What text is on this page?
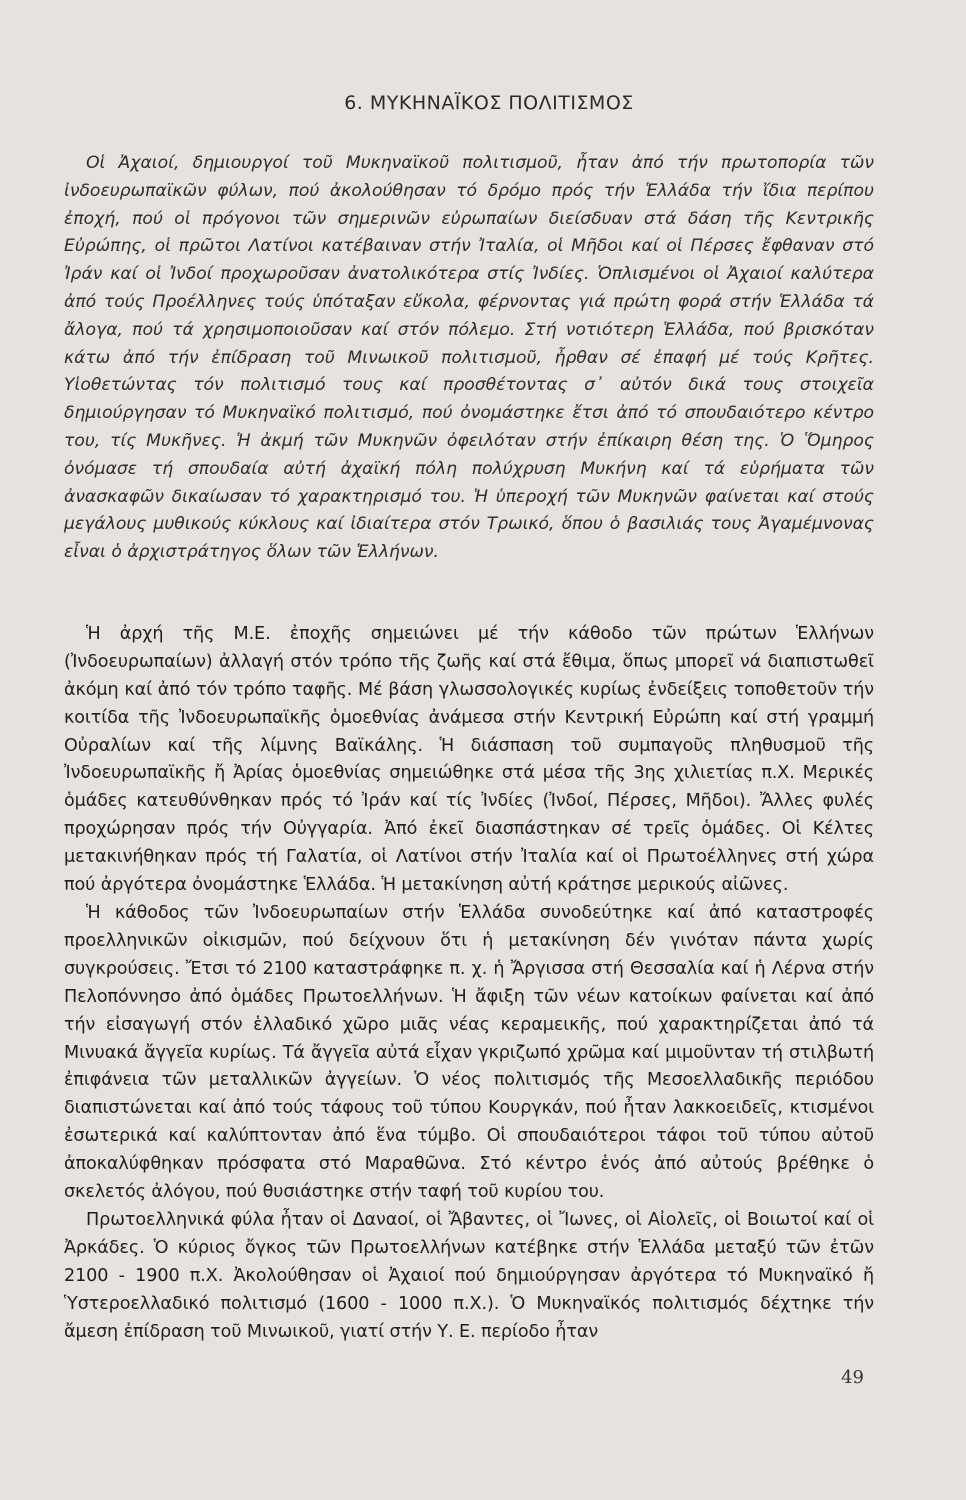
6. ΜΥΚΗΝΑΪΚΟΣ ΠΟΛΙΤΙΣΜΟΣ

Οἱ Ἀχαιοί, δημιουργοί τοῦ Μυκηναϊκοῦ πολιτισμοῦ, ἦταν ἀπό τήν πρωτοπορία τῶν ἰνδοευρωπαϊκῶν φύλων, πού ἀκολούθησαν τό δρόμο πρός τήν Ἑλλάδα τήν ἴδια περίπου ἐποχή, πού οἱ πρόγονοι τῶν σημερινῶν εὐρωπαίων διείσδυαν στά δάση τῆς Κεντρικῆς Εὐρώπης, οἱ πρῶτοι Λατίνοι κατέβαιναν στήν Ἰταλία, οἱ Μῆδοι καί οἱ Πέρσες ἔφθαναν στό Ἰράν καί οἱ Ἰνδοί προχωροῦσαν ἀνατολικότερα στίς Ἰνδίες. Ὁπλισμένοι οἱ Ἀχαιοί καλύτερα ἀπό τούς Προέλληνες τούς ὑπόταξαν εὔκολα, φέρνοντας γιά πρώτη φορά στήν Ἑλλάδα τά ἄλογα, πού τά χρησιμοποιοῦσαν καί στόν πόλεμο. Στή νοτιότερη Ἑλλάδα, πού βρισκόταν κάτω ἀπό τήν ἐπίδραση τοῦ Μινωικοῦ πολιτισμοῦ, ἦρθαν σέ ἐπαφή μέ τούς Κρῆτες. Υἱοθετώντας τόν πολιτισμό τους καί προσθέτοντας σ᾽ αὐτόν δικά τους στοιχεῖα δημιούργησαν τό Μυκηναϊκό πολιτισμό, πού ὀνομάστηκε ἔτσι ἀπό τό σπουδαιότερο κέντρο του, τίς Μυκῆνες. Ἡ ἀκμή τῶν Μυκηνῶν ὀφειλόταν στήν ἐπίκαιρη θέση της. Ὁ Ὅμηρος ὀνόμασε τή σπουδαία αὐτή ἀχαϊκή πόλη πολύχρυση Μυκήνη καί τά εὑρήματα τῶν ἀνασκαφῶν δικαίωσαν τό χαρακτηρισμό του. Ἡ ὑπεροχή τῶν Μυκηνῶν φαίνεται καί στούς μεγάλους μυθικούς κύκλους καί ἰδιαίτερα στόν Τρωικό, ὅπου ὁ βασιλιάς τους Ἀγαμέμνονας εἶναι ὁ ἀρχιστράτηγος ὅλων τῶν Ἑλλήνων.

Ἡ ἀρχή τῆς Μ.Ε. ἐποχῆς σημειώνει μέ τήν κάθοδο τῶν πρώτων Ἑλλήνων (Ἰνδοευρωπαίων) ἀλλαγή στόν τρόπο τῆς ζωῆς καί στά ἔθιμα, ὅπως μπορεῖ νά διαπιστωθεῖ ἀκόμη καί ἀπό τόν τρόπο ταφῆς. Μέ βάση γλωσσολογικές κυρίως ἐνδείξεις τοποθετοῦν τήν κοιτίδα τῆς Ἰνδοευρωπαϊκῆς ὁμοεθνίας ἀνάμεσα στήν Κεντρική Εὐρώπη καί στή γραμμή Οὐραλίων καί τῆς λίμνης Βαϊκάλης. Ἡ διάσπαση τοῦ συμπαγοῦς πληθυσμοῦ τῆς Ἰνδοευρωπαϊκῆς ἤ Ἀρίας ὁμοεθνίας σημειώθηκε στά μέσα τῆς 3ης χιλιετίας π.Χ. Μερικές ὁμάδες κατευθύνθηκαν πρός τό Ἰράν καί τίς Ἰνδίες (Ἰνδοί, Πέρσες, Μῆδοι). Ἄλλες φυλές προχώρησαν πρός τήν Οὐγγαρία. Ἀπό ἐκεῖ διασπάστηκαν σέ τρεῖς ὁμάδες. Οἱ Κέλτες μετακινήθηκαν πρός τή Γαλατία, οἱ Λατίνοι στήν Ἰταλία καί οἱ Πρωτοέλληνες στή χώρα πού ἀργότερα ὀνομάστηκε Ἑλλάδα. Ἡ μετακίνηση αὐτή κράτησε μερικούς αἰῶνες.

Ἡ κάθοδος τῶν Ἰνδοευρωπαίων στήν Ἑλλάδα συνοδεύτηκε καί ἀπό καταστροφές προελληνικῶν οἰκισμῶν, πού δείχνουν ὅτι ἡ μετακίνηση δέν γινόταν πάντα χωρίς συγκρούσεις. Ἔτσι τό 2100 καταστράφηκε π. χ. ἡ Ἄργισσα στή Θεσσαλία καί ἡ Λέρνα στήν Πελοπόννησο ἀπό ὁμάδες Πρωτοελλήνων. Ἡ ἄφιξη τῶν νέων κατοίκων φαίνεται καί ἀπό τήν εἰσαγωγή στόν ἑλλαδικό χῶρο μιᾶς νέας κεραμεικῆς, πού χαρακτηρίζεται ἀπό τά Μινυακά ἄγγεῖα κυρίως. Τά ἄγγεῖα αὐτά εἶχαν γκριζωπό χρῶμα καί μιμοῦνταν τή στιλβωτή ἐπιφάνεια τῶν μεταλλικῶν ἀγγείων. Ὁ νέος πολιτισμός τῆς Μεσοελλαδικῆς περιόδου διαπιστώνεται καί ἀπό τούς τάφους τοῦ τύπου Κουργκάν, πού ἦταν λακκοειδεῖς, κτισμένοι ἐσωτερικά καί καλύπτονταν ἀπό ἕνα τύμβο. Οἱ σπουδαιότεροι τάφοι τοῦ τύπου αὐτοῦ ἀποκαλύφθηκαν πρόσφατα στό Μαραθῶνα. Στό κέντρο ἑνός ἀπό αὐτούς βρέθηκε ὁ σκελετός ἀλόγου, πού θυσιάστηκε στήν ταφή τοῦ κυρίου του.

Πρωτοελληνικά φύλα ἦταν οἱ Δαναοί, οἱ Ἄβαντες, οἱ Ἴωνες, οἱ Αἰολεῖς, οἱ Βοιωτοί καί οἱ Ἀρκάδες. Ὁ κύριος ὄγκος τῶν Πρωτοελλήνων κατέβηκε στήν Ἑλλάδα μεταξύ τῶν ἐτῶν 2100 - 1900 π.Χ. Ἀκολούθησαν οἱ Ἀχαιοί πού δημιούργησαν ἀργότερα τό Μυκηναϊκό ἤ Ὑστεροελλαδικό πολιτισμό (1600 - 1000 π.Χ.). Ὁ Μυκηναϊκός πολιτισμός δέχτηκε τήν ἄμεση ἐπίδραση τοῦ Μινωικοῦ, γιατί στήν Υ. Ε. περίοδο ἦταν

49
